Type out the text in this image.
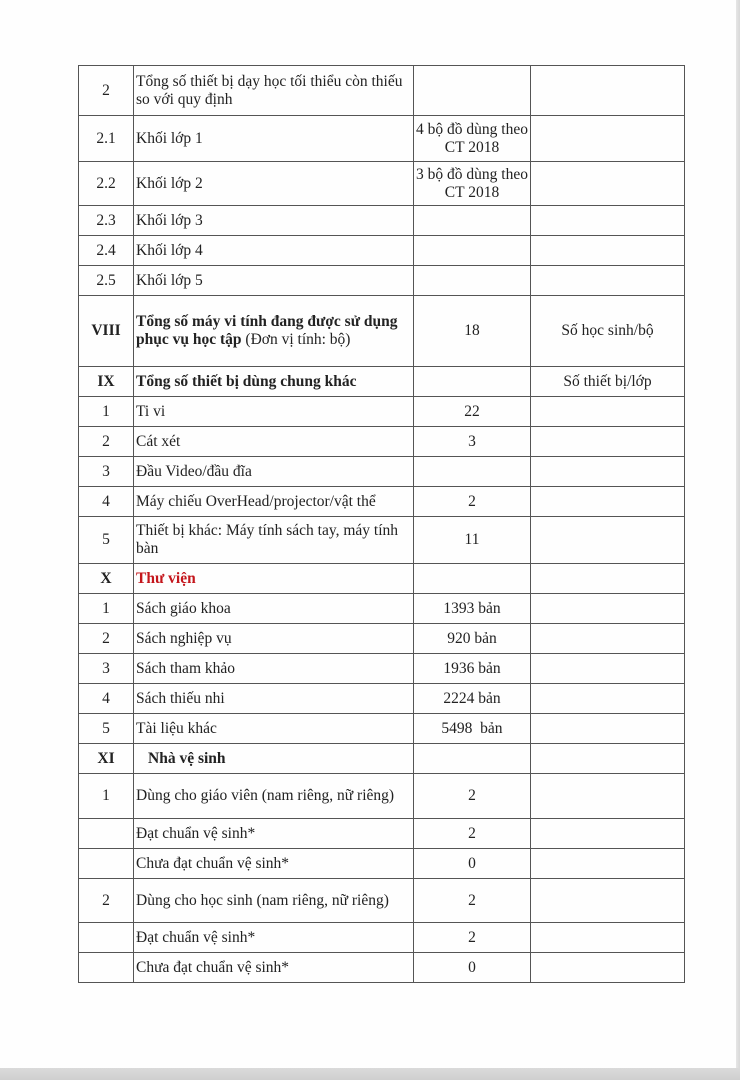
2	Tổng số thiết bị dạy học tối thiểu còn thiếu so với quy định		
2.1	Khối lớp 1	4 bộ đồ dùng theo CT 2018	
2.2	Khối lớp 2	3 bộ đồ dùng theo CT 2018	
2.3	Khối lớp 3		
2.4	Khối lớp 4		
2.5	Khối lớp 5		
VIII	Tổng số máy vi tính đang được sử dụng phục vụ học tập (Đơn vị tính: bộ)	18	Số học sinh/bộ
IX	Tổng số thiết bị dùng chung khác		Số thiết bị/lớp
1	Ti vi	22	
2	Cát xét	3	
3	Đầu Video/đầu đĩa		
4	Máy chiếu OverHead/projector/vật thể	2	
5	Thiết bị khác: Máy tính sách tay, máy tính bàn	11	
X	Thư viện		
1	Sách giáo khoa	1393 bản	
2	Sách nghiệp vụ	920 bản	
3	Sách tham khảo	1936 bản	
4	Sách thiếu nhi	2224 bản	
5	Tài liệu khác	5498  bản	
XI	Nhà vệ sinh		
1	Dùng cho giáo viên (nam riêng, nữ riêng)	2	
	Đạt chuẩn vệ sinh*	2	
	Chưa đạt chuẩn vệ sinh*	0	
2	Dùng cho học sinh (nam riêng, nữ riêng)	2	
	Đạt chuẩn vệ sinh*	2	
	Chưa đạt chuẩn vệ sinh*	0	
